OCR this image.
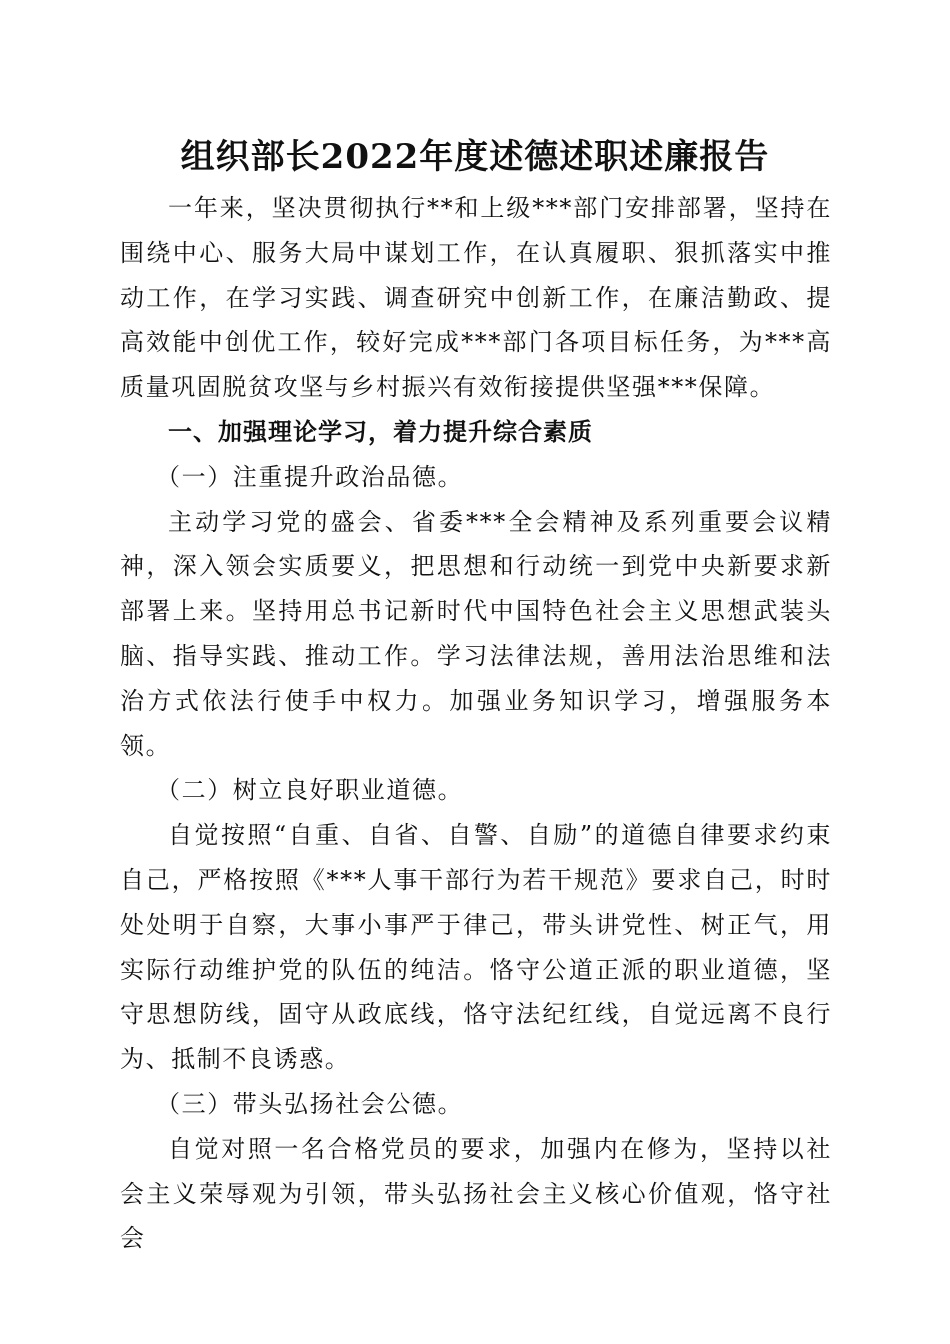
组织部长2022年度述德述职述廉报告

一年来，坚决贯彻执行**和上级***部门安排部署，坚持在围绕中心、服务大局中谋划工作，在认真履职、狠抓落实中推动工作，在学习实践、调查研究中创新工作，在廉洁勤政、提高效能中创优工作，较好完成***部门各项目标任务，为***高质量巩固脱贫攻坚与乡村振兴有效衔接提供坚强***保障。

一、加强理论学习，着力提升综合素质

（一）注重提升政治品德。

主动学习党的盛会、省委***全会精神及系列重要会议精神，深入领会实质要义，把思想和行动统一到党中央新要求新部署上来。坚持用总书记新时代中国特色社会主义思想武装头脑、指导实践、推动工作。学习法律法规，善用法治思维和法治方式依法行使手中权力。加强业务知识学习，增强服务本领。

（二）树立良好职业道德。

自觉按照“自重、自省、自警、自励”的道德自律要求约束自己，严格按照《***人事干部行为若干规范》要求自己，时时处处明于自察，大事小事严于律己，带头讲党性、树正气，用实际行动维护党的队伍的纯洁。恪守公道正派的职业道德，坚守思想防线，固守从政底线，恪守法纪红线，自觉远离不良行为、抵制不良诱惑。

（三）带头弘扬社会公德。

自觉对照一名合格党员的要求，加强内在修为，坚持以社会主义荣辱观为引领，带头弘扬社会主义核心价值观，恪守社会
